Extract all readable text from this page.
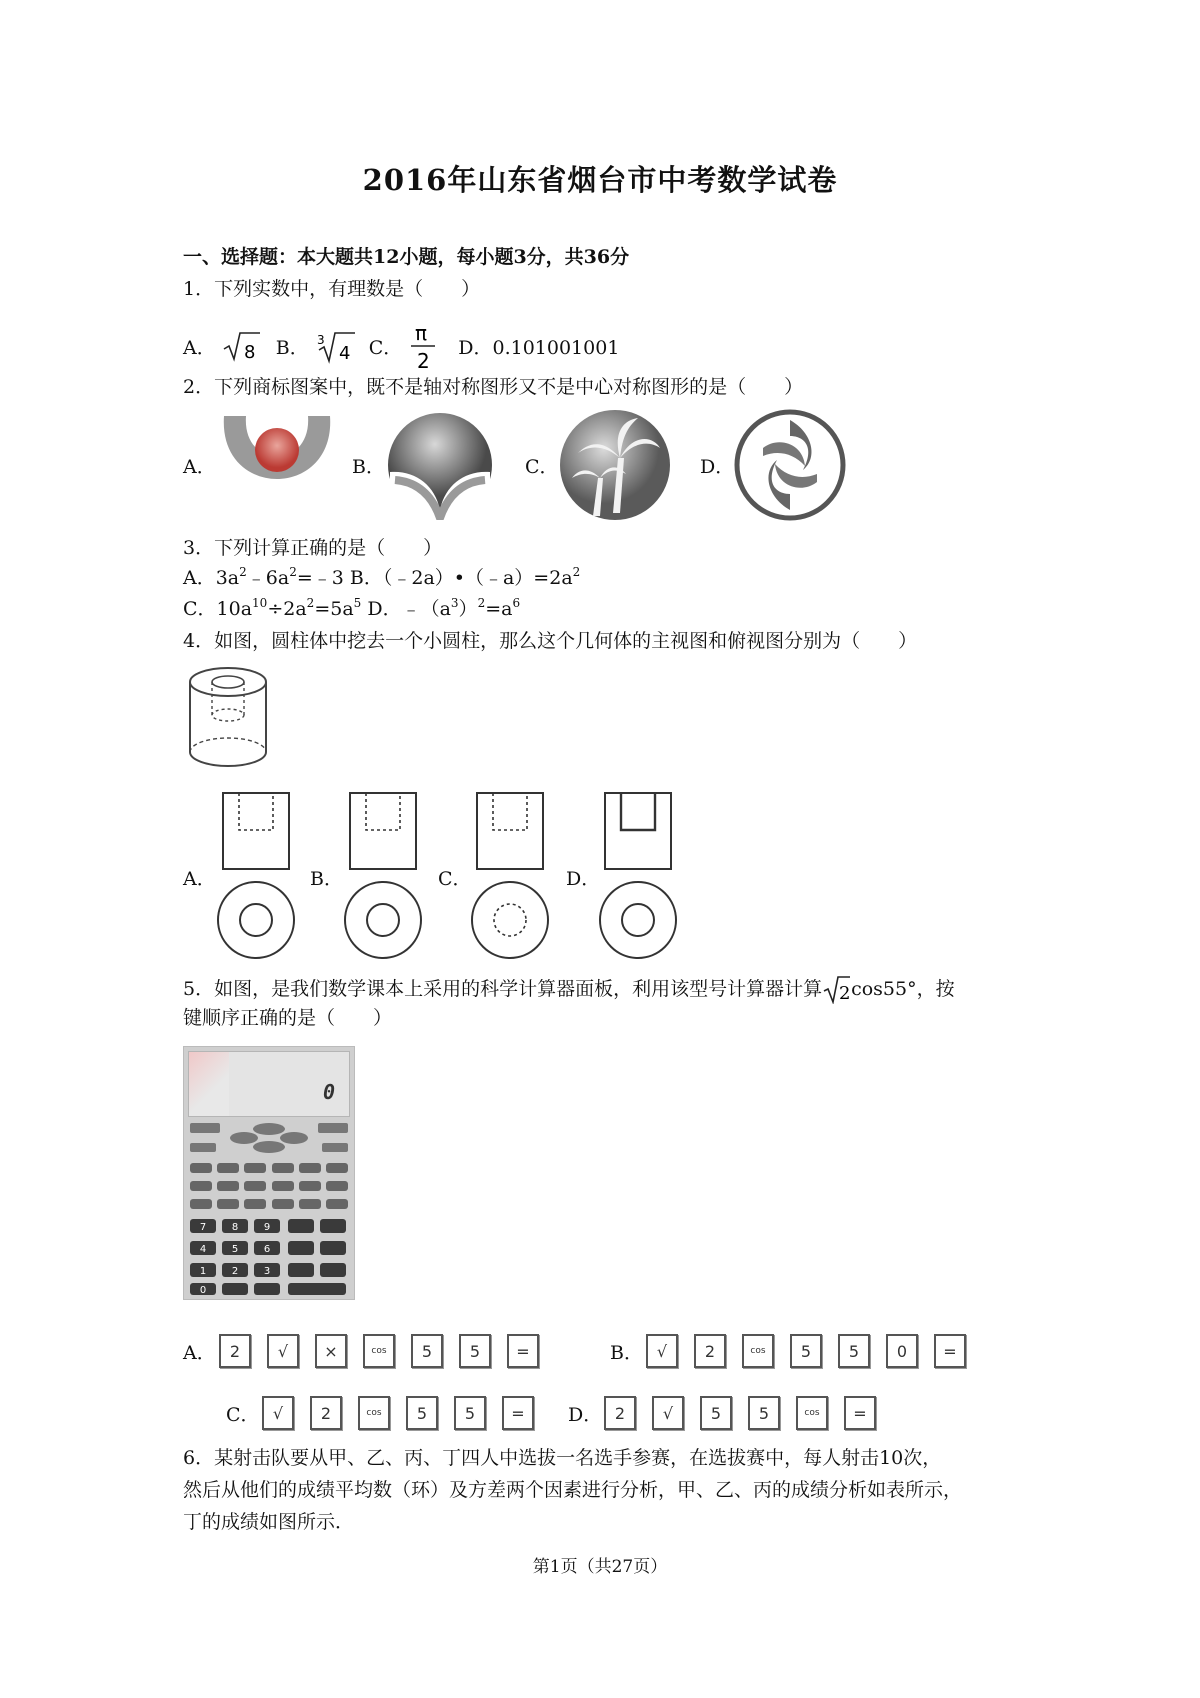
2016年山东省烟台市中考数学试卷
一、选择题：本大题共12小题，每小题3分，共36分
1．下列实数中，有理数是（　　）
A． 8 B． 3
4 C．
π
2
D．0.101001001
2．下列商标图案中，既不是轴对称图形又不是中心对称图形的是（　　）
A．	B．	C．	D．
3．下列计算正确的是（　　）
A．$3a^2﹣6a^2=﹣3$ B．$(﹣2a)•(﹣a)=2a^2$
C．$10a^{10}\div 2a^2=5a^5$ D．$﹣(a^3)^2=a^6$
4．如图，圆柱体中挖去一个小圆柱，那么这个几何体的主视图和俯视图分别为（　　）
A．	B．	C．	D．
5．如图，是我们数学课本上采用的科学计算器面板，利用该型号计算器计算 2 cos55°，按
键顺序正确的是（　　）
0
7	8	9
4	5	6
1	2	3
0
A． 2	√	×	cos	5	5	=	B． √	2	cos	5	5	0	=
C． √	2	cos	5	5	=	D． 2	√	5	5	cos	=
6．某射击队要从甲、乙、丙、丁四人中选拔一名选手参赛，在选拔赛中，每人射击10次，
然后从他们的成绩平均数（环）及方差两个因素进行分析，甲、乙、丙的成绩分析如表所示，
丁的成绩如图所示．
第1页（共27页）
